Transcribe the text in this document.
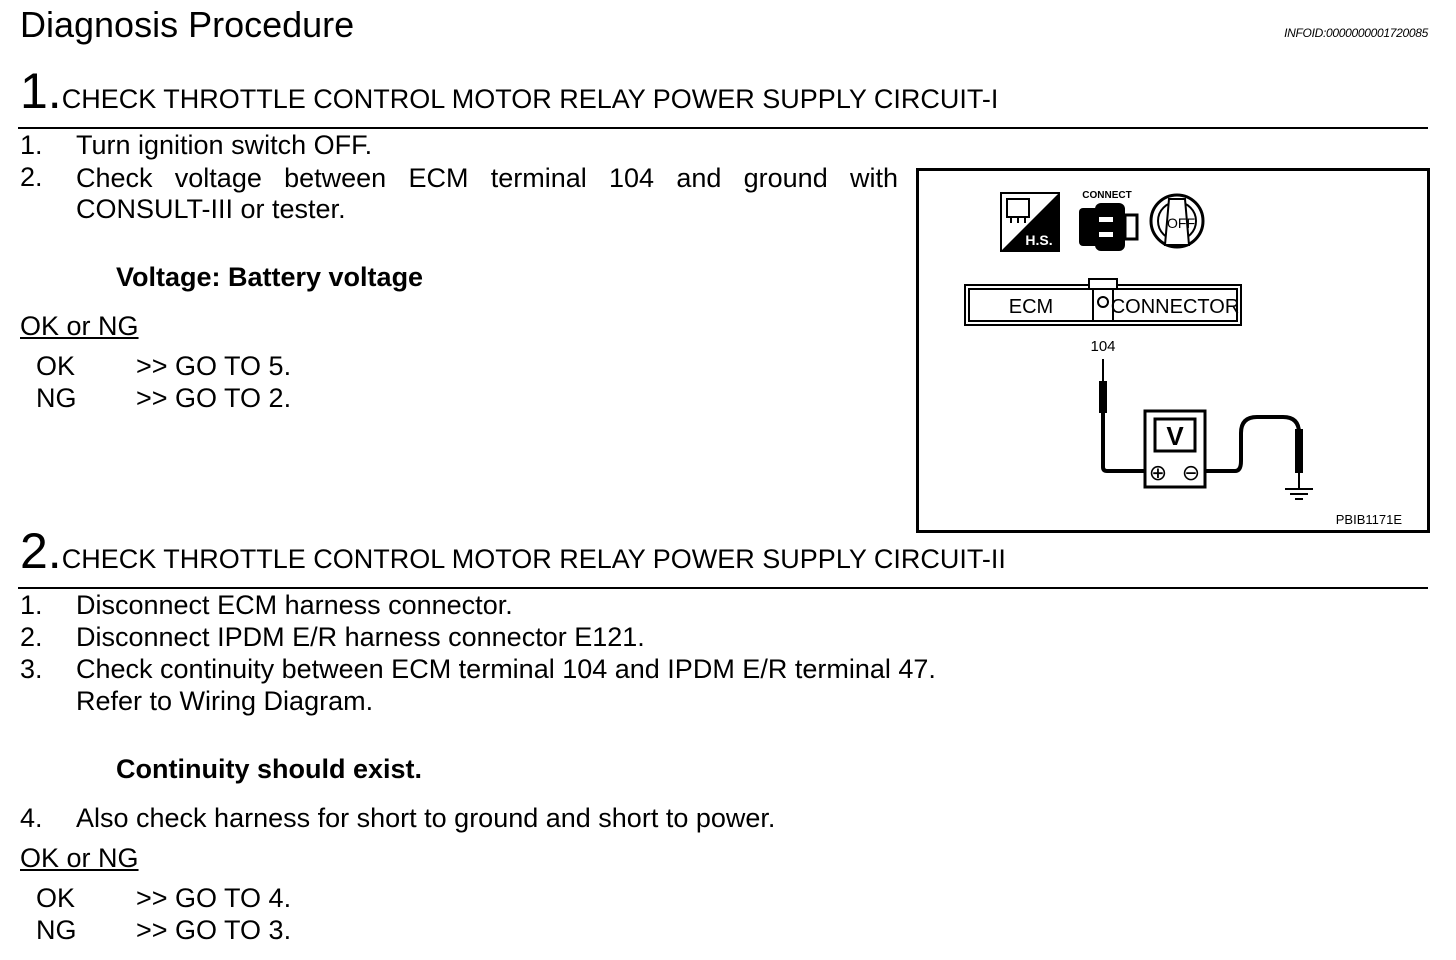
Diagnosis Procedure	INFOID:0000000001720085
1.CHECK THROTTLE CONTROL MOTOR RELAY POWER SUPPLY CIRCUIT-I
1. Turn ignition switch OFF.
2. Check voltage between ECM terminal 104 and ground with
CONSULT-III or tester.
Voltage: Battery voltage
OK or NG
OK >> GO TO 5.
NG >> GO TO 2.
H.S.
CONNECT
OFF
ECM	CONNECTOR
104
V
⊕ ⊖
PBIB1171E
2.CHECK THROTTLE CONTROL MOTOR RELAY POWER SUPPLY CIRCUIT-II
1. Disconnect ECM harness connector.
2. Disconnect IPDM E/R harness connector E121.
3. Check continuity between ECM terminal 104 and IPDM E/R terminal 47.
Refer to Wiring Diagram.
Continuity should exist.
4. Also check harness for short to ground and short to power.
OK or NG
OK >> GO TO 4.
NG >> GO TO 3.
